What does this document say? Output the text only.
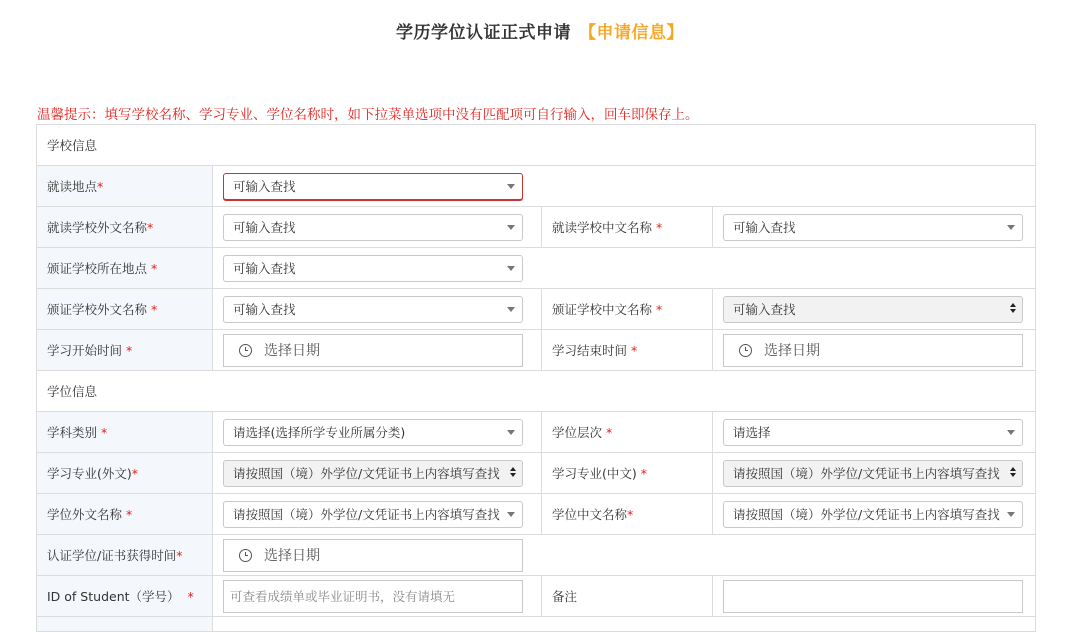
学历学位认证正式申请 【申请信息】
温馨提示：填写学校名称、学习专业、学位名称时，如下拉菜单选项中没有匹配项可自行输入，回车即保存上。
学校信息			
就读地点*	可输入查找		

就读学校外文名称*	可输入查找	就读学校中文名称 *	可输入查找

颁证学校所在地点 *	可输入查找		

颁证学校外文名称 *	可输入查找	颁证学校中文名称 *	可输入查找

学习开始时间 *	选择日期	学习结束时间 *	选择日期

学位信息			
学科类别 *	请选择(选择所学专业所属分类)	学位层次 *	请选择

学习专业(外文)*	请按照国（境）外学位/文凭证书上内容填写查找	学习专业(中文) *	请按照国（境）外学位/文凭证书上内容填写查找

学位外文名称 *	请按照国（境）外学位/文凭证书上内容填写查找	学位中文名称*	请按照国（境）外学位/文凭证书上内容填写查找

认证学位/证书获得时间*	选择日期		

ID of Student（学号） *	可查看成绩单或毕业证明书，没有请填无	备注	
